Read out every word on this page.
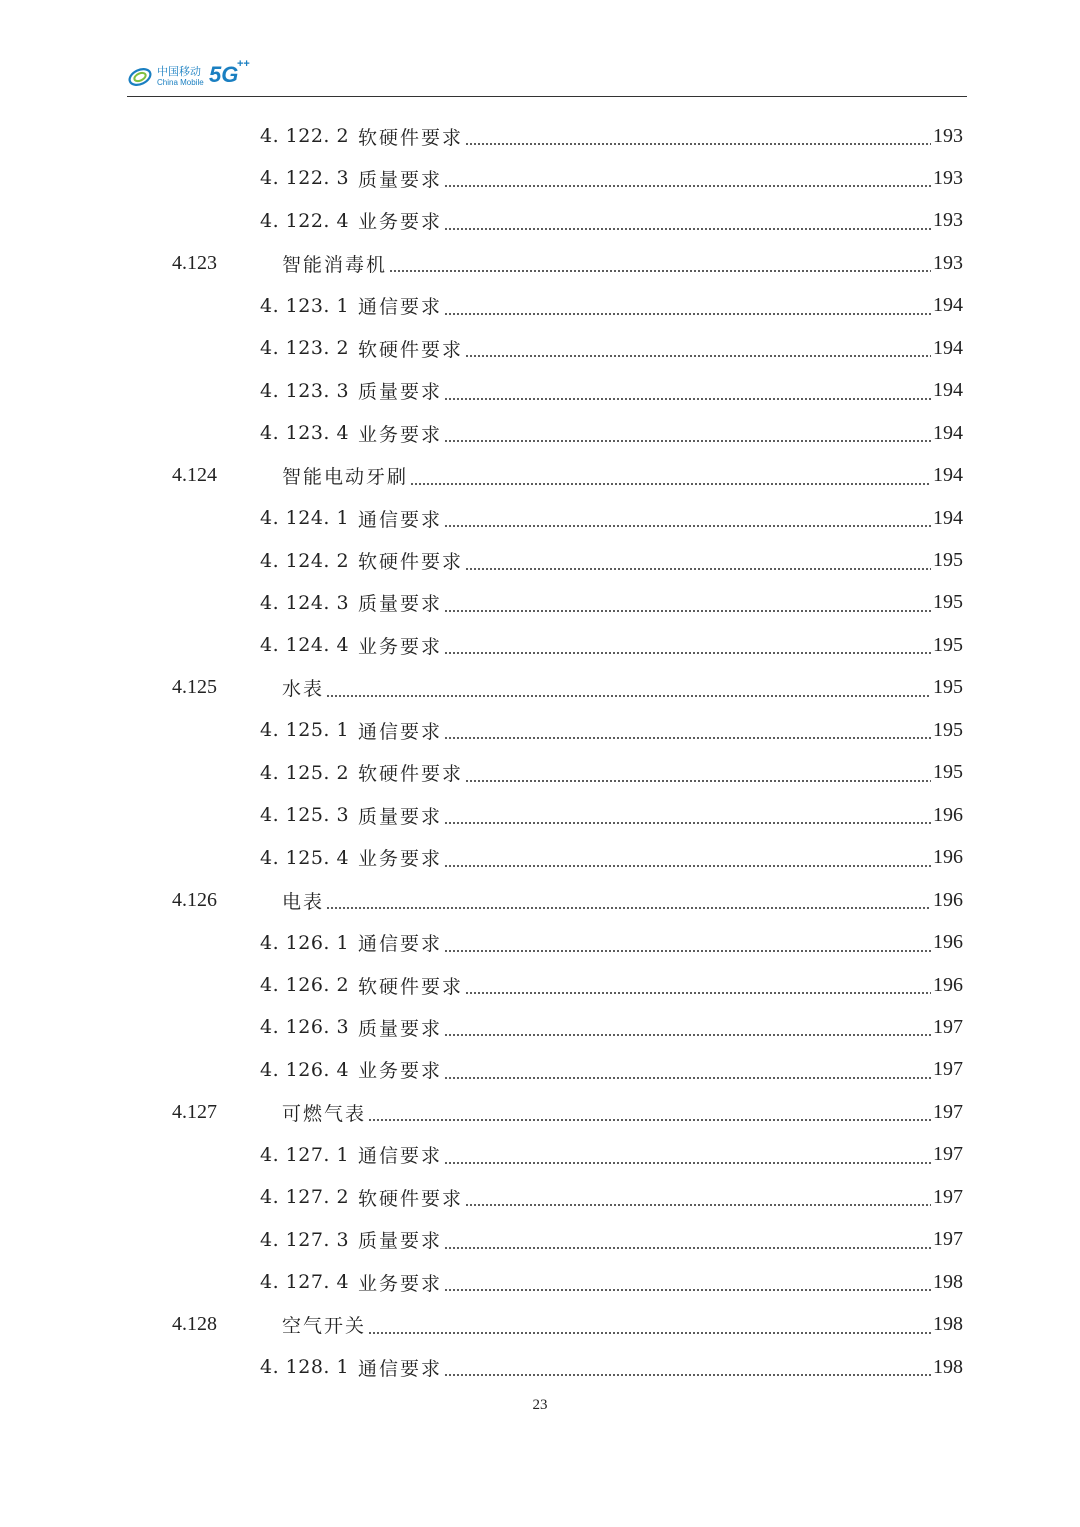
中国移动
China Mobile 5G
++
4. 122. 2 软硬件要求	193
4. 122. 3 质量要求	193
4. 122. 4 业务要求	193
4.123	智能消毒机	193
4. 123. 1 通信要求	194
4. 123. 2 软硬件要求	194
4. 123. 3 质量要求	194
4. 123. 4 业务要求	194
4.124	智能电动牙刷	194
4. 124. 1 通信要求	194
4. 124. 2 软硬件要求	195
4. 124. 3 质量要求	195
4. 124. 4 业务要求	195
4.125	水表	195
4. 125. 1 通信要求	195
4. 125. 2 软硬件要求	195
4. 125. 3 质量要求	196
4. 125. 4 业务要求	196
4.126	电表	196
4. 126. 1 通信要求	196
4. 126. 2 软硬件要求	196
4. 126. 3 质量要求	197
4. 126. 4 业务要求	197
4.127	可燃气表	197
4. 127. 1 通信要求	197
4. 127. 2 软硬件要求	197
4. 127. 3 质量要求	197
4. 127. 4 业务要求	198
4.128	空气开关	198
4. 128. 1 通信要求	198
23
